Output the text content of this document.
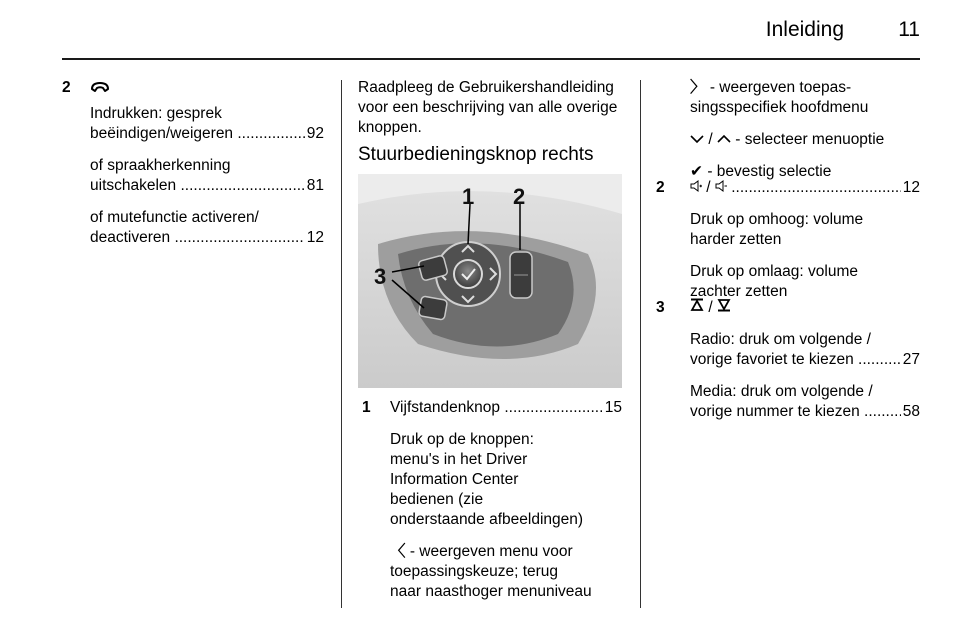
Inleiding	11
2
Indrukken: gesprek
beëindigen/weigeren .....	92
of spraakherkenning
uitschakelen .....	81
of mutefunctie activeren/
deactiveren .....	12
Raadpleeg de Gebruikershandleiding
voor een beschrijving van alle overige
knoppen.
Stuurbedieningsknop rechts
1 2
3
1 Vijfstandenknop .....	15
Druk op de knoppen:
menu's in het Driver
Information Center
bedienen (zie
onderstaande afbeeldingen)
〈 - weergeven menu voor
toepassingskeuze; terug
naar naasthoger menuniveau
〉 - weergeven toepas-
singsspecifiek hoofdmenu
/  - selecteer menuoptie
✔ - bevestig selectie
2	/  .....	12
Druk op omhoog: volume
harder zetten
Druk op omlaag: volume
zachter zetten
3	/
Radio: druk om volgende /
vorige favoriet te kiezen .....	27
Media: druk om volgende /
vorige nummer te kiezen .....	58
